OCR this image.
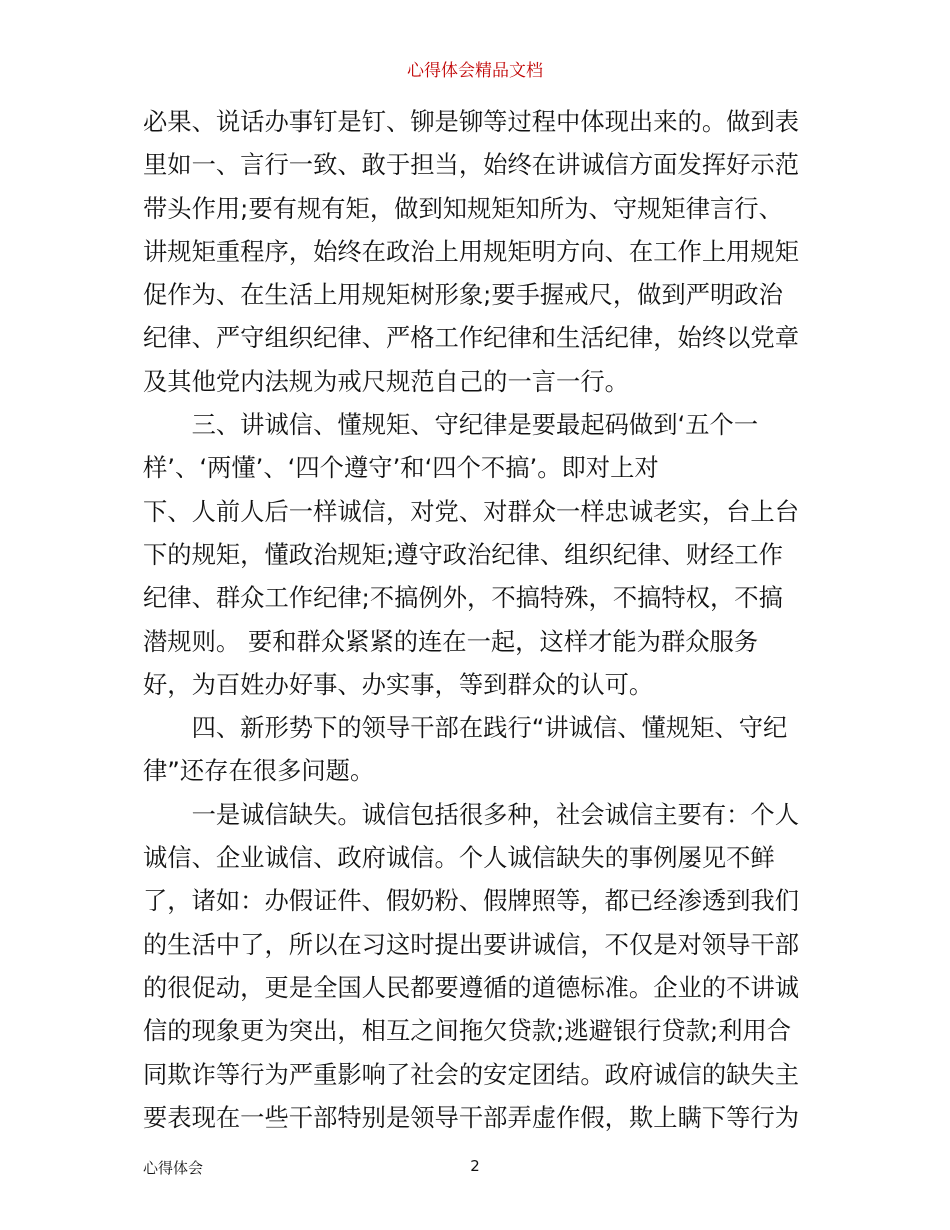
心得体会精品文档
必果、说话办事钉是钉、铆是铆等过程中体现出来的。做到表
里如一、言行一致、敢于担当，始终在讲诚信方面发挥好示范
带头作用;要有规有矩，做到知规矩知所为、守规矩律言行、
讲规矩重程序，始终在政治上用规矩明方向、在工作上用规矩
促作为、在生活上用规矩树形象;要手握戒尺，做到严明政治
纪律、严守组织纪律、严格工作纪律和生活纪律，始终以党章
及其他党内法规为戒尺规范自己的一言一行。
　　三、讲诚信、懂规矩、守纪律是要最起码做到‘五个一
样’、‘两懂’、‘四个遵守’和‘四个不搞’。即对上对
下、人前人后一样诚信，对党、对群众一样忠诚老实，台上台
下的规矩，懂政治规矩;遵守政治纪律、组织纪律、财经工作
纪律、群众工作纪律;不搞例外，不搞特殊，不搞特权，不搞
潜规则。 要和群众紧紧的连在一起，这样才能为群众服务
好，为百姓办好事、办实事，等到群众的认可。
　　四、新形势下的领导干部在践行“讲诚信、懂规矩、守纪
律”还存在很多问题。
　　一是诚信缺失。诚信包括很多种，社会诚信主要有：个人
诚信、企业诚信、政府诚信。个人诚信缺失的事例屡见不鲜
了，诸如：办假证件、假奶粉、假牌照等，都已经渗透到我们
的生活中了，所以在习这时提出要讲诚信，不仅是对领导干部
的很促动，更是全国人民都要遵循的道德标准。企业的不讲诚
信的现象更为突出，相互之间拖欠贷款;逃避银行贷款;利用合
同欺诈等行为严重影响了社会的安定团结。政府诚信的缺失主
要表现在一些干部特别是领导干部弄虚作假，欺上瞒下等行为
心得体会	2
